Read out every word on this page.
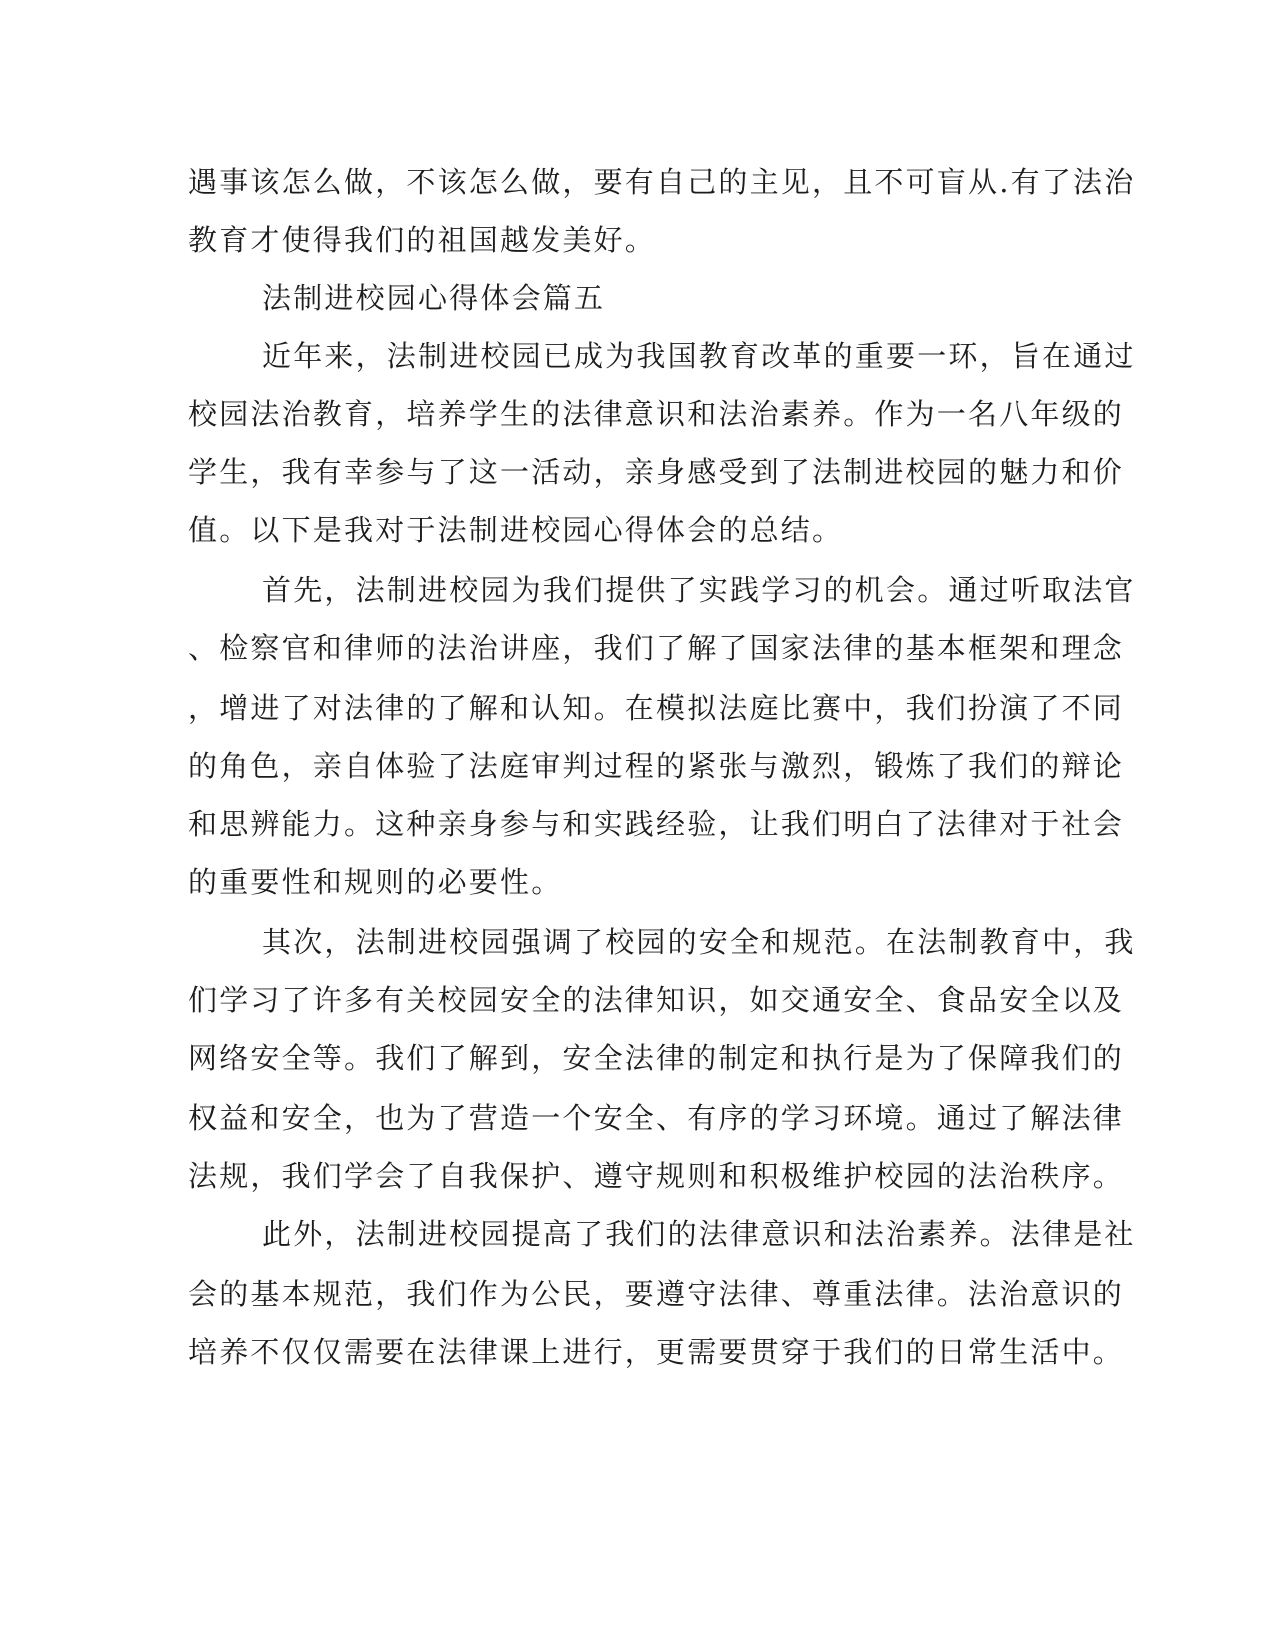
遇事该怎么做，不该怎么做，要有自己的主见，且不可盲从.有了法治
教育才使得我们的祖国越发美好。
法制进校园心得体会篇五
近年来，法制进校园已成为我国教育改革的重要一环，旨在通过
校园法治教育，培养学生的法律意识和法治素养。作为一名八年级的
学生，我有幸参与了这一活动，亲身感受到了法制进校园的魅力和价
值。以下是我对于法制进校园心得体会的总结。
首先，法制进校园为我们提供了实践学习的机会。通过听取法官
、检察官和律师的法治讲座，我们了解了国家法律的基本框架和理念
，增进了对法律的了解和认知。在模拟法庭比赛中，我们扮演了不同
的角色，亲自体验了法庭审判过程的紧张与激烈，锻炼了我们的辩论
和思辨能力。这种亲身参与和实践经验，让我们明白了法律对于社会
的重要性和规则的必要性。
其次，法制进校园强调了校园的安全和规范。在法制教育中，我
们学习了许多有关校园安全的法律知识，如交通安全、食品安全以及
网络安全等。我们了解到，安全法律的制定和执行是为了保障我们的
权益和安全，也为了营造一个安全、有序的学习环境。通过了解法律
法规，我们学会了自我保护、遵守规则和积极维护校园的法治秩序。
此外，法制进校园提高了我们的法律意识和法治素养。法律是社
会的基本规范，我们作为公民，要遵守法律、尊重法律。法治意识的
培养不仅仅需要在法律课上进行，更需要贯穿于我们的日常生活中。
